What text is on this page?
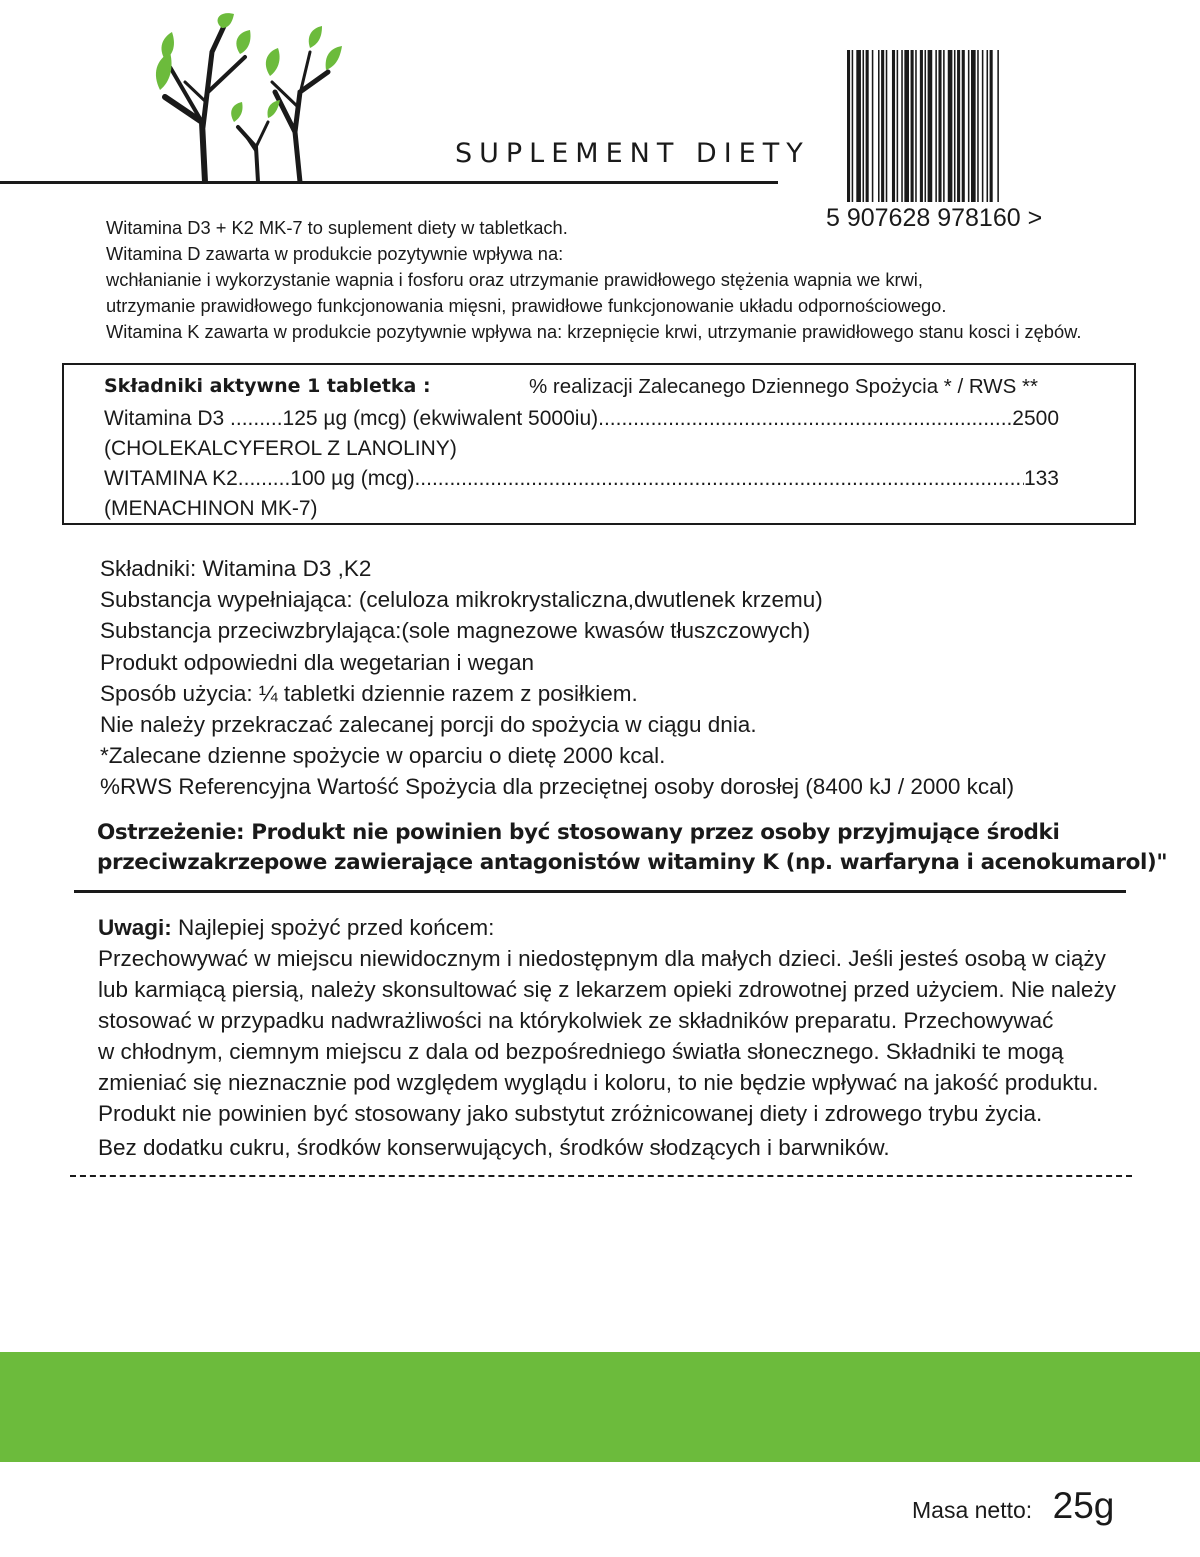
SUPLEMENT DIETY
5 907628 978160 >
Witamina D3 + K2 MK-7 to suplement diety w tabletkach.
Witamina D zawarta w produkcie pozytywnie wpływa na:
wchłanianie i wykorzystanie wapnia i fosforu oraz utrzymanie prawidłowego stężenia wapnia we krwi,
utrzymanie prawidłowego funkcjonowania mięsni, prawidłowe funkcjonowanie układu odpornościowego.
Witamina K zawarta w produkcie pozytywnie wpływa na: krzepnięcie krwi, utrzymanie prawidłowego stanu kosci i zębów.
Składniki aktywne 1 tabletka :	% realizacji Zalecanego Dziennego Spożycia * / RWS **
Witamina D3 .........125 µg (mcg) (ekwiwalent 5000iu) .....	2500
(CHOLEKALCYFEROL Z LANOLINY)
WITAMINA K2.........100 µg (mcg) .....	133
(MENACHINON MK-7)
Składniki: Witamina D3 ,K2
Substancja wypełniająca: (celuloza mikrokrystaliczna,dwutlenek krzemu)
Substancja przeciwzbrylająca:(sole magnezowe kwasów tłuszczowych)
Produkt odpowiedni dla wegetarian i wegan
Sposób użycia: ¼ tabletki dziennie razem z posiłkiem.
Nie należy przekraczać zalecanej porcji do spożycia w ciągu dnia.
*Zalecane dzienne spożycie w oparciu o dietę 2000 kcal.
%RWS Referencyjna Wartość Spożycia dla przeciętnej osoby dorosłej (8400 kJ / 2000 kcal)
Ostrzeżenie: Produkt nie powinien być stosowany przez osoby przyjmujące środki
przeciwzakrzepowe zawierające antagonistów witaminy K (np. warfaryna i acenokumarol)"
Uwagi: Najlepiej spożyć przed końcem:
Przechowywać w miejscu niewidocznym i niedostępnym dla małych dzieci. Jeśli jesteś osobą w ciąży
lub karmiącą piersią, należy skonsultować się z lekarzem opieki zdrowotnej przed użyciem. Nie należy
stosować w przypadku nadwrażliwości na którykolwiek ze składników preparatu. Przechowywać
w chłodnym, ciemnym miejscu z dala od bezpośredniego światła słonecznego. Składniki te mogą
zmieniać się nieznacznie pod względem wyglądu i koloru, to nie będzie wpływać na jakość produktu.
Produkt nie powinien być stosowany jako substytut zróżnicowanej diety i zdrowego trybu życia.
Bez dodatku cukru, środków konserwujących, środków słodzących i barwników.
Masa netto: 25g
